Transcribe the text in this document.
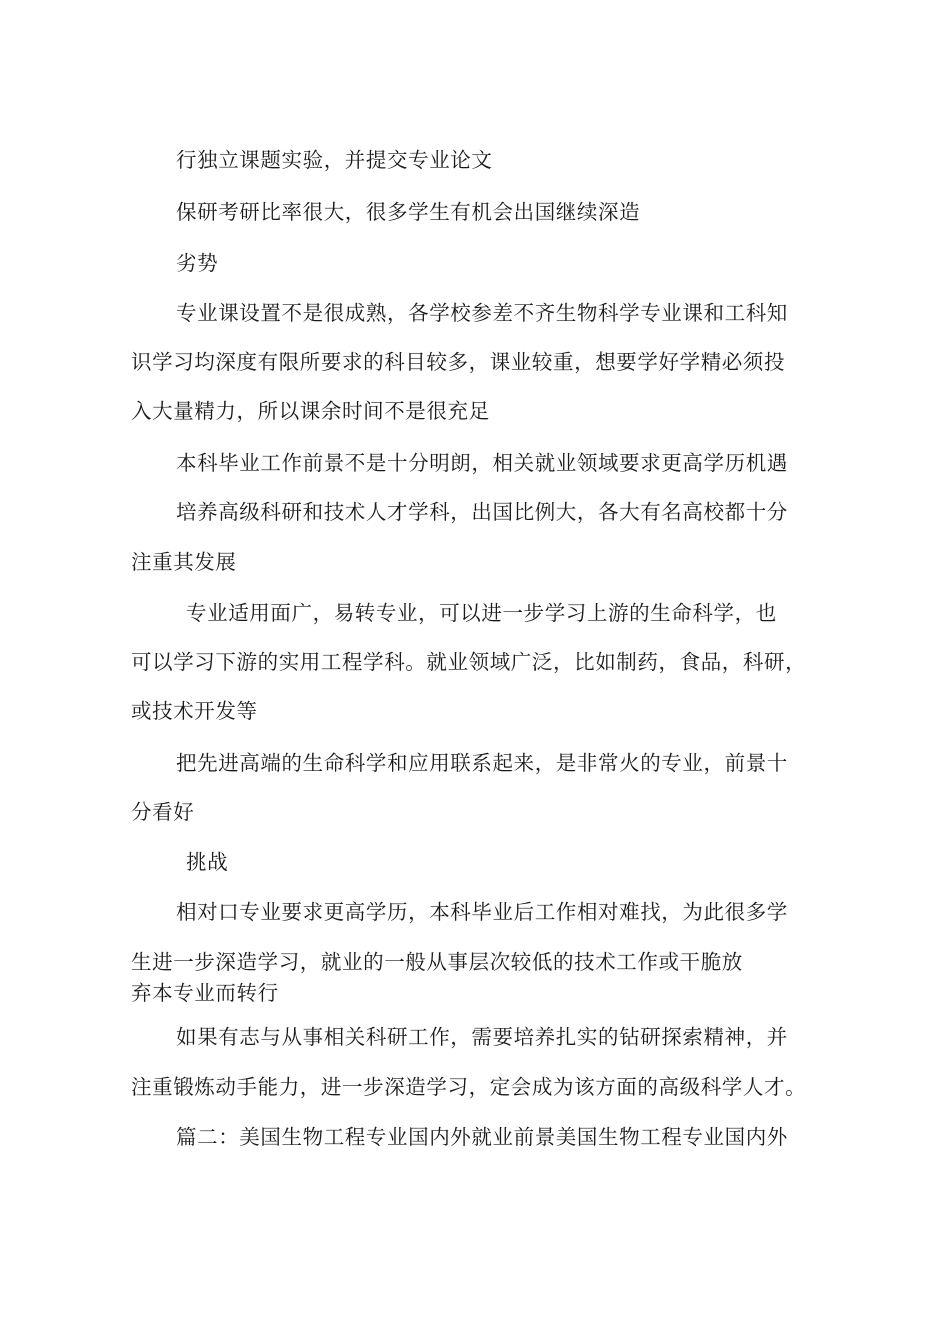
行独立课题实验，并提交专业论文
保研考研比率很大，很多学生有机会出国继续深造
劣势
专业课设置不是很成熟，各学校参差不齐生物科学专业课和工科知
识学习均深度有限所要求的科目较多，课业较重，想要学好学精必须投
入大量精力，所以课余时间不是很充足
本科毕业工作前景不是十分明朗，相关就业领域要求更高学历机遇
培养高级科研和技术人才学科，出国比例大，各大有名高校都十分
注重其发展
专业适用面广，易转专业，可以进一步学习上游的生命科学，也
可以学习下游的实用工程学科。就业领域广泛，比如制药，食品，科研，
或技术开发等
把先进高端的生命科学和应用联系起来，是非常火的专业，前景十
分看好
挑战
相对口专业要求更高学历，本科毕业后工作相对难找，为此很多学
生进一步深造学习，就业的一般从事层次较低的技术工作或干脆放
弃本专业而转行
如果有志与从事相关科研工作，需要培养扎实的钻研探索精神，并
注重锻炼动手能力，进一步深造学习，定会成为该方面的高级科学人才。
篇二：美国生物工程专业国内外就业前景美国生物工程专业国内外
